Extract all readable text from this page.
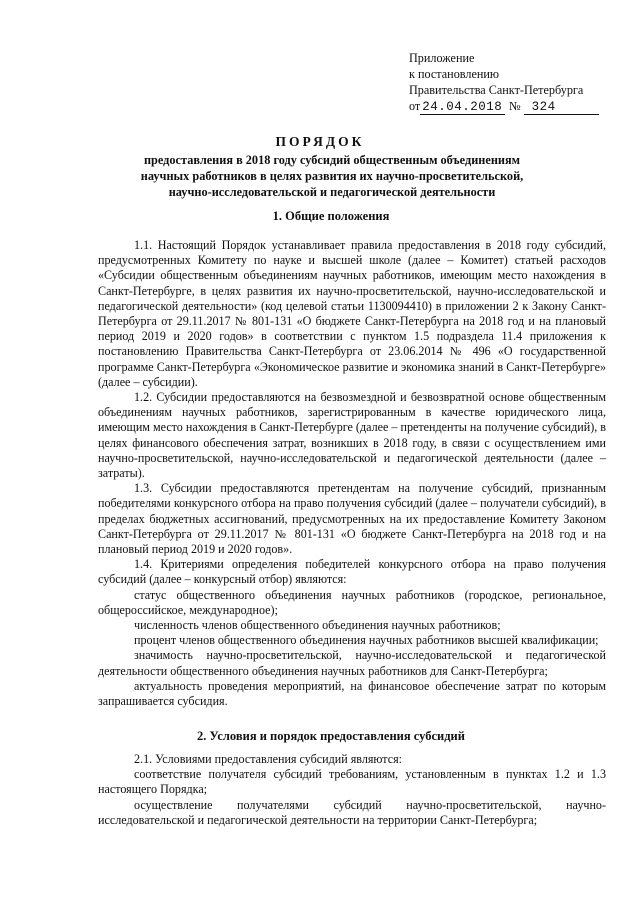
Приложение
к постановлению
Правительства Санкт-Петербурга
от 24.04.2018 № 324
ПОРЯДОК
предоставления в 2018 году субсидий общественным объединениям научных работников в целях развития их научно-просветительской, научно-исследовательской и педагогической деятельности
1. Общие положения

1.1. Настоящий Порядок устанавливает правила предоставления в 2018 году субсидий, предусмотренных Комитету по науке и высшей школе (далее – Комитет) статьей расходов «Субсидии общественным объединениям научных работников, имеющим место нахождения в Санкт-Петербурге, в целях развития их научно-просветительской, научно-исследовательской и педагогической деятельности» (код целевой статьи 1130094410) в приложении 2 к Закону Санкт-Петербурга от 29.11.2017 № 801-131 «О бюджете Санкт-Петербурга на 2018 год и на плановый период 2019 и 2020 годов» в соответствии с пунктом 1.5 подраздела 11.4 приложения к постановлению Правительства Санкт-Петербурга от 23.06.2014 № 496 «О государственной программе Санкт-Петербурга «Экономическое развитие и экономика знаний в Санкт-Петербурге» (далее – субсидии).

1.2. Субсидии предоставляются на безвозмездной и безвозвратной основе общественным объединениям научных работников, зарегистрированным в качестве юридического лица, имеющим место нахождения в Санкт-Петербурге (далее – претенденты на получение субсидий), в целях финансового обеспечения затрат, возникших в 2018 году, в связи с осуществлением ими научно-просветительской, научно-исследовательской и педагогической деятельности (далее – затраты).

1.3. Субсидии предоставляются претендентам на получение субсидий, признанным победителями конкурсного отбора на право получения субсидий (далее – получатели субсидий), в пределах бюджетных ассигнований, предусмотренных на их предоставление Комитету Законом Санкт-Петербурга от 29.11.2017 № 801-131 «О бюджете Санкт-Петербурга на 2018 год и на плановый период 2019 и 2020 годов».

1.4. Критериями определения победителей конкурсного отбора на право получения субсидий (далее – конкурсный отбор) являются:

статус общественного объединения научных работников (городское, региональное, общероссийское, международное);

численность членов общественного объединения научных работников;

процент членов общественного объединения научных работников высшей квалификации;

значимость научно-просветительской, научно-исследовательской и педагогической деятельности общественного объединения научных работников для Санкт-Петербурга;

актуальность проведения мероприятий, на финансовое обеспечение затрат по которым запрашивается субсидия.

2. Условия и порядок предоставления субсидий

2.1. Условиями предоставления субсидий являются:

соответствие получателя субсидий требованиям, установленным в пунктах 1.2 и 1.3 настоящего Порядка;

осуществление получателями субсидий научно-просветительской, научно-исследовательской и педагогической деятельности на территории Санкт-Петербурга;
